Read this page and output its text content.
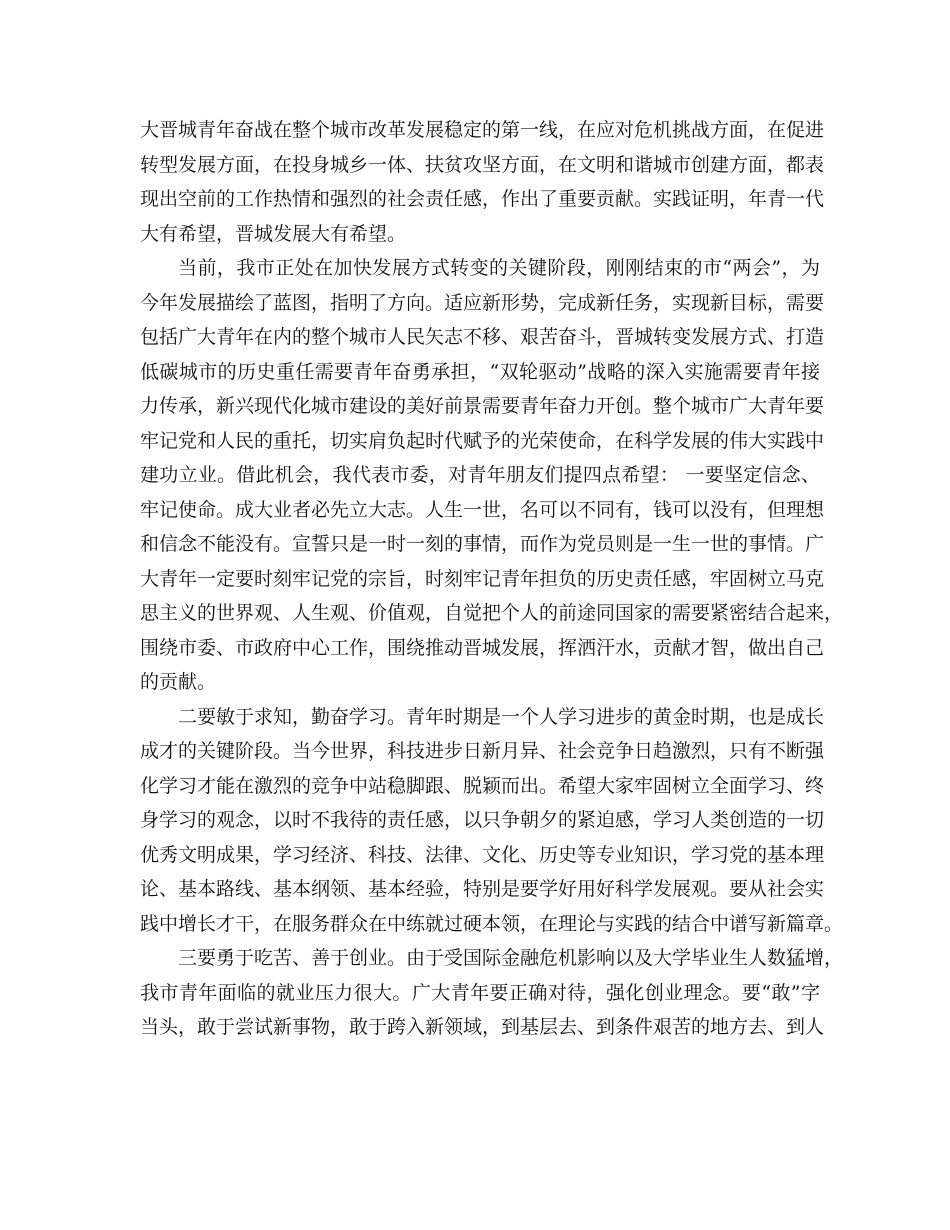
大晋城青年奋战在整个城市改革发展稳定的第一线，在应对危机挑战方面，在促进
转型发展方面，在投身城乡一体、扶贫攻坚方面，在文明和谐城市创建方面，都表
现出空前的工作热情和强烈的社会责任感，作出了重要贡献。实践证明，年青一代
大有希望，晋城发展大有希望。
当前，我市正处在加快发展方式转变的关键阶段，刚刚结束的市“两会”，为
今年发展描绘了蓝图，指明了方向。适应新形势，完成新任务，实现新目标，需要
包括广大青年在内的整个城市人民矢志不移、艰苦奋斗，晋城转变发展方式、打造
低碳城市的历史重任需要青年奋勇承担，“双轮驱动”战略的深入实施需要青年接
力传承，新兴现代化城市建设的美好前景需要青年奋力开创。整个城市广大青年要
牢记党和人民的重托，切实肩负起时代赋予的光荣使命，在科学发展的伟大实践中
建功立业。借此机会，我代表市委，对青年朋友们提四点希望： 一要坚定信念、
牢记使命。成大业者必先立大志。人生一世，名可以不同有，钱可以没有，但理想
和信念不能没有。宣誓只是一时一刻的事情，而作为党员则是一生一世的事情。广
大青年一定要时刻牢记党的宗旨，时刻牢记青年担负的历史责任感，牢固树立马克
思主义的世界观、人生观、价值观，自觉把个人的前途同国家的需要紧密结合起来，
围绕市委、市政府中心工作，围绕推动晋城发展，挥洒汗水，贡献才智，做出自己
的贡献。
二要敏于求知，勤奋学习。青年时期是一个人学习进步的黄金时期，也是成长
成才的关键阶段。当今世界，科技进步日新月异、社会竞争日趋激烈，只有不断强
化学习才能在激烈的竞争中站稳脚跟、脱颖而出。希望大家牢固树立全面学习、终
身学习的观念，以时不我待的责任感，以只争朝夕的紧迫感，学习人类创造的一切
优秀文明成果，学习经济、科技、法律、文化、历史等专业知识，学习党的基本理
论、基本路线、基本纲领、基本经验，特别是要学好用好科学发展观。要从社会实
践中增长才干，在服务群众在中练就过硬本领，在理论与实践的结合中谱写新篇章。
三要勇于吃苦、善于创业。由于受国际金融危机影响以及大学毕业生人数猛增，
我市青年面临的就业压力很大。广大青年要正确对待，强化创业理念。要“敢”字
当头，敢于尝试新事物，敢于跨入新领域，到基层去、到条件艰苦的地方去、到人
